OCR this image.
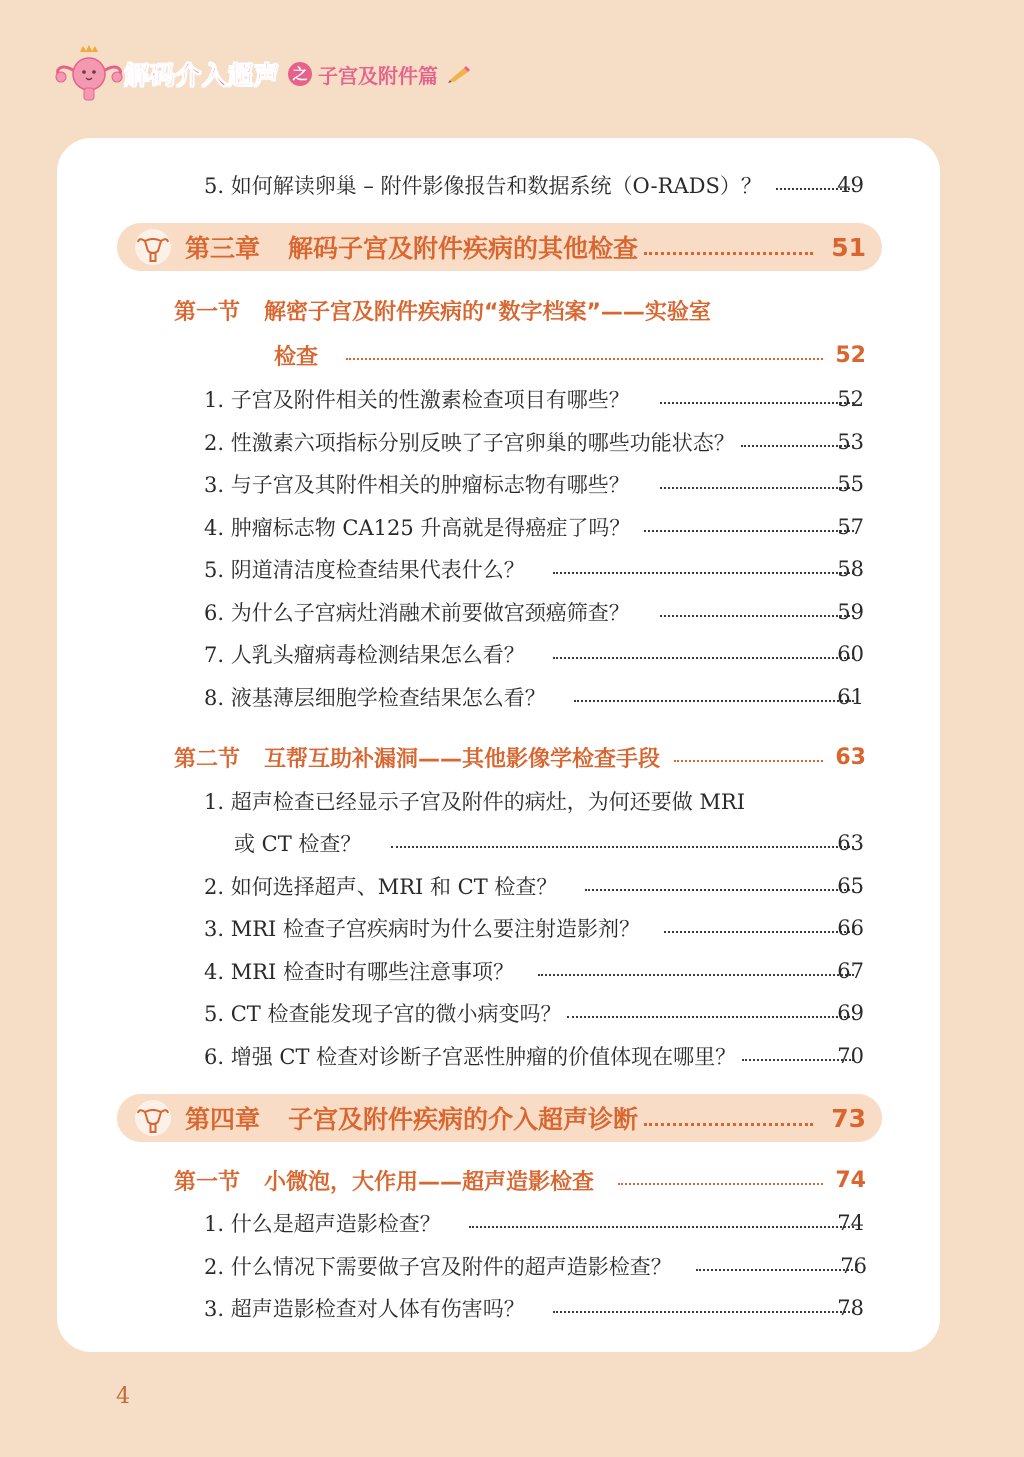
解码介入超声 之 子宫及附件篇
5. 如何解读卵巢 – 附件影像报告和数据系统（O-RADS）？	49
第三章 解码子宫及附件疾病的其他检查	51
第一节 解密子宫及附件疾病的“数字档案”——实验室
检查	52
1. 子宫及附件相关的性激素检查项目有哪些？	52
2. 性激素六项指标分别反映了子宫卵巢的哪些功能状态？	53
3. 与子宫及其附件相关的肿瘤标志物有哪些？	55
4. 肿瘤标志物 CA125 升高就是得癌症了吗？	57
5. 阴道清洁度检查结果代表什么？	58
6. 为什么子宫病灶消融术前要做宫颈癌筛查？	59
7. 人乳头瘤病毒检测结果怎么看？	60
8. 液基薄层细胞学检查结果怎么看？	61
第二节 互帮互助补漏洞——其他影像学检查手段	63
1. 超声检查已经显示子宫及附件的病灶，为何还要做 MRI
或 CT 检查？	63
2. 如何选择超声、MRI 和 CT 检查？	65
3. MRI 检查子宫疾病时为什么要注射造影剂？	66
4. MRI 检查时有哪些注意事项？	67
5. CT 检查能发现子宫的微小病变吗？	69
6. 增强 CT 检查对诊断子宫恶性肿瘤的价值体现在哪里？	70
第四章 子宫及附件疾病的介入超声诊断	73
第一节 小微泡，大作用——超声造影检查	74
1. 什么是超声造影检查？	74
2. 什么情况下需要做子宫及附件的超声造影检查？	76
3. 超声造影检查对人体有伤害吗？	78
4
